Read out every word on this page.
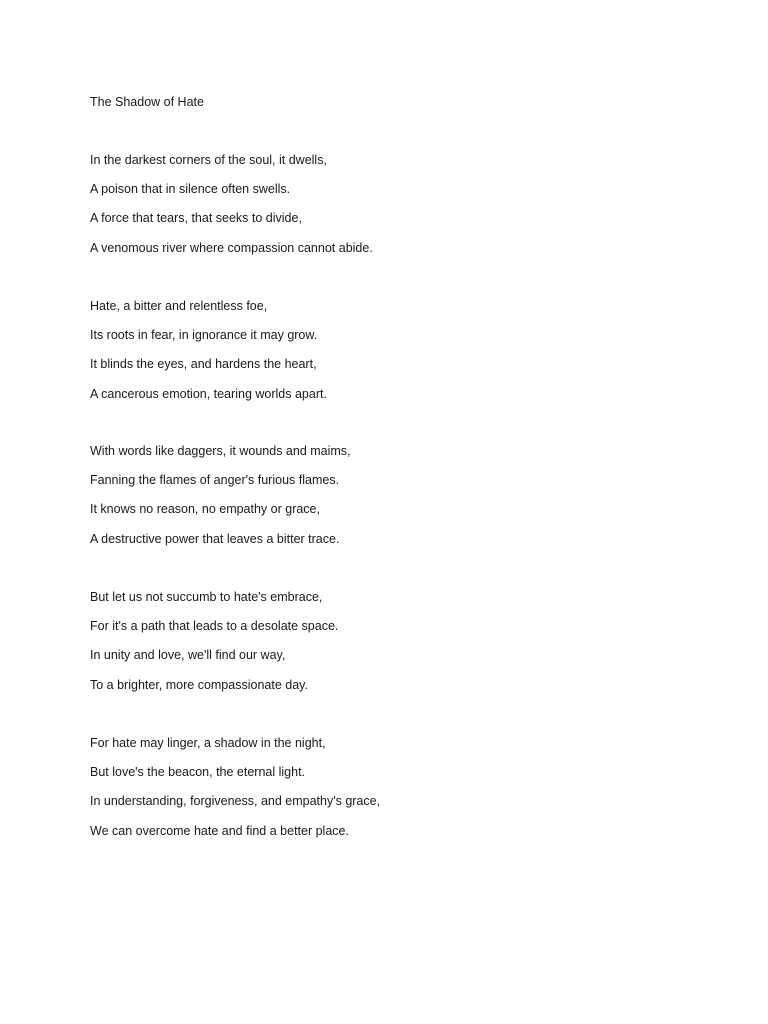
The Shadow of Hate
In the darkest corners of the soul, it dwells,
A poison that in silence often swells.
A force that tears, that seeks to divide,
A venomous river where compassion cannot abide.
Hate, a bitter and relentless foe,
Its roots in fear, in ignorance it may grow.
It blinds the eyes, and hardens the heart,
A cancerous emotion, tearing worlds apart.
With words like daggers, it wounds and maims,
Fanning the flames of anger's furious flames.
It knows no reason, no empathy or grace,
A destructive power that leaves a bitter trace.
But let us not succumb to hate's embrace,
For it's a path that leads to a desolate space.
In unity and love, we'll find our way,
To a brighter, more compassionate day.
For hate may linger, a shadow in the night,
But love's the beacon, the eternal light.
In understanding, forgiveness, and empathy's grace,
We can overcome hate and find a better place.
